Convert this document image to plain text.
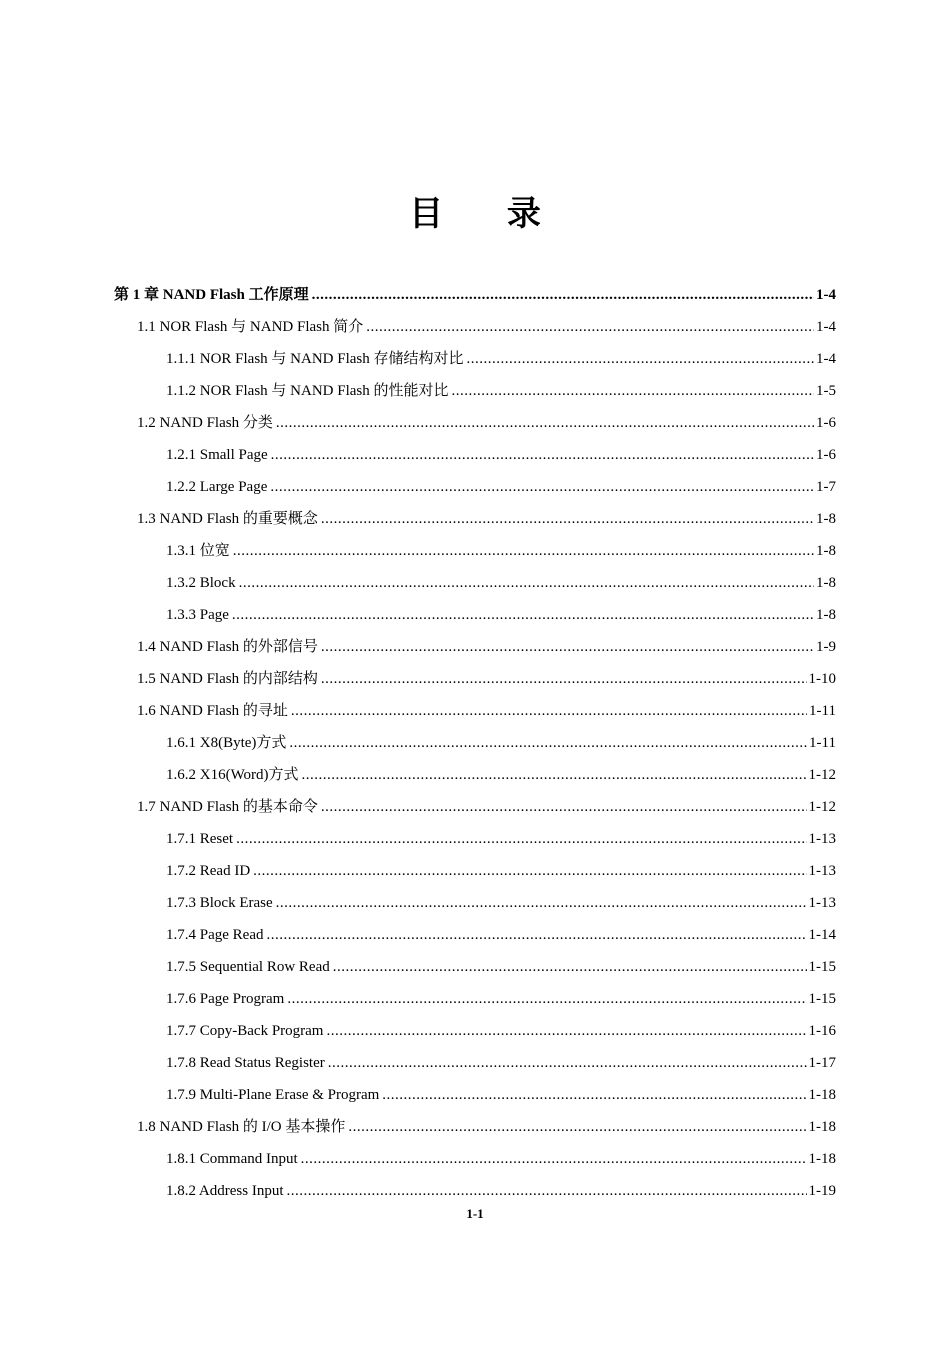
目 录
第 1 章 NAND Flash 工作原理 .....	1-4
1.1 NOR Flash 与 NAND Flash 简介 .....	1-4
1.1.1 NOR Flash 与 NAND Flash 存储结构对比 .....	1-4
1.1.2 NOR Flash 与 NAND Flash 的性能对比 .....	1-5
1.2 NAND Flash 分类 .....	1-6
1.2.1 Small Page .....	1-6
1.2.2 Large Page .....	1-7
1.3 NAND Flash 的重要概念 .....	1-8
1.3.1 位宽 .....	1-8
1.3.2 Block .....	1-8
1.3.3 Page .....	1-8
1.4 NAND Flash 的外部信号 .....	1-9
1.5 NAND Flash 的内部结构 .....	1-10
1.6 NAND Flash 的寻址 .....	1-11
1.6.1 X8(Byte)方式 .....	1-11
1.6.2 X16(Word)方式 .....	1-12
1.7 NAND Flash 的基本命令 .....	1-12
1.7.1 Reset .....	1-13
1.7.2 Read ID .....	1-13
1.7.3 Block Erase .....	1-13
1.7.4 Page Read .....	1-14
1.7.5 Sequential Row Read .....	1-15
1.7.6 Page Program .....	1-15
1.7.7 Copy-Back Program .....	1-16
1.7.8 Read Status Register .....	1-17
1.7.9 Multi-Plane Erase & Program .....	1-18
1.8 NAND Flash 的 I/O 基本操作 .....	1-18
1.8.1 Command Input .....	1-18
1.8.2 Address Input .....	1-19
1-1
